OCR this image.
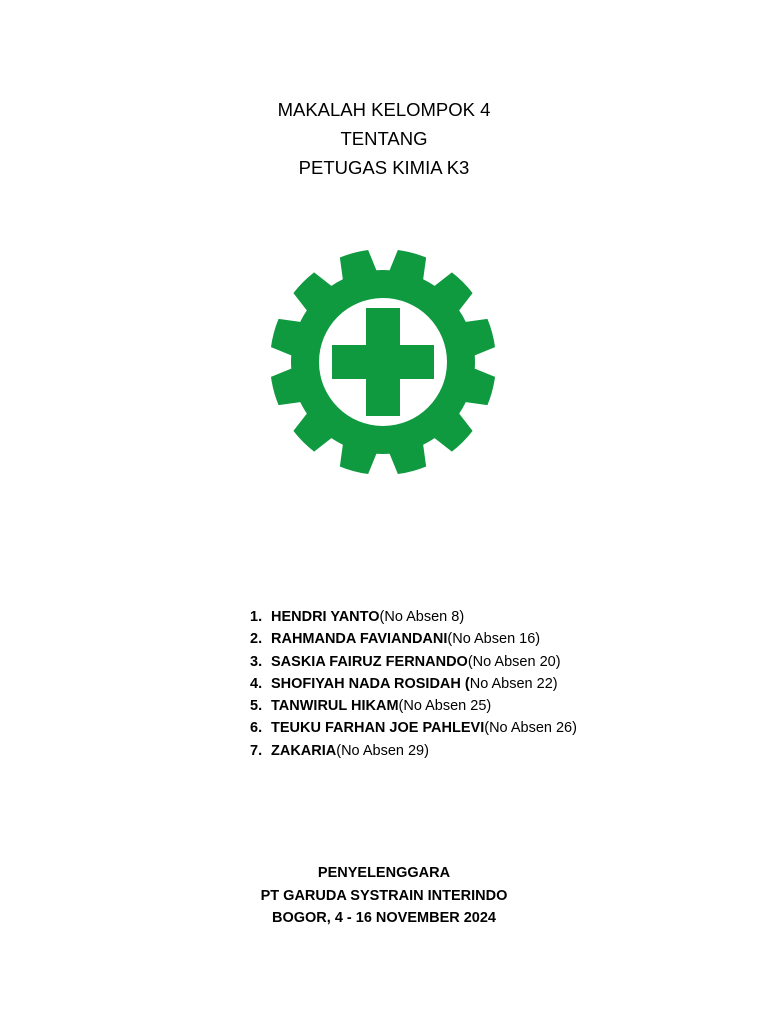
MAKALAH KELOMPOK 4
TENTANG
PETUGAS KIMIA K3
1. HENDRI YANTO (No Absen 8)
2. RAHMANDA FAVIANDANI (No Absen 16)
3. SASKIA FAIRUZ FERNANDO (No Absen 20)
4. SHOFIYAH NADA ROSIDAH ( No Absen 22)
5. TANWIRUL HIKAM (No Absen 25)
6. TEUKU FARHAN JOE PAHLEVI (No Absen 26)
7. ZAKARIA (No Absen 29)
PENYELENGGARA
PT GARUDA SYSTRAIN INTERINDO
BOGOR, 4 - 16 NOVEMBER 2024
